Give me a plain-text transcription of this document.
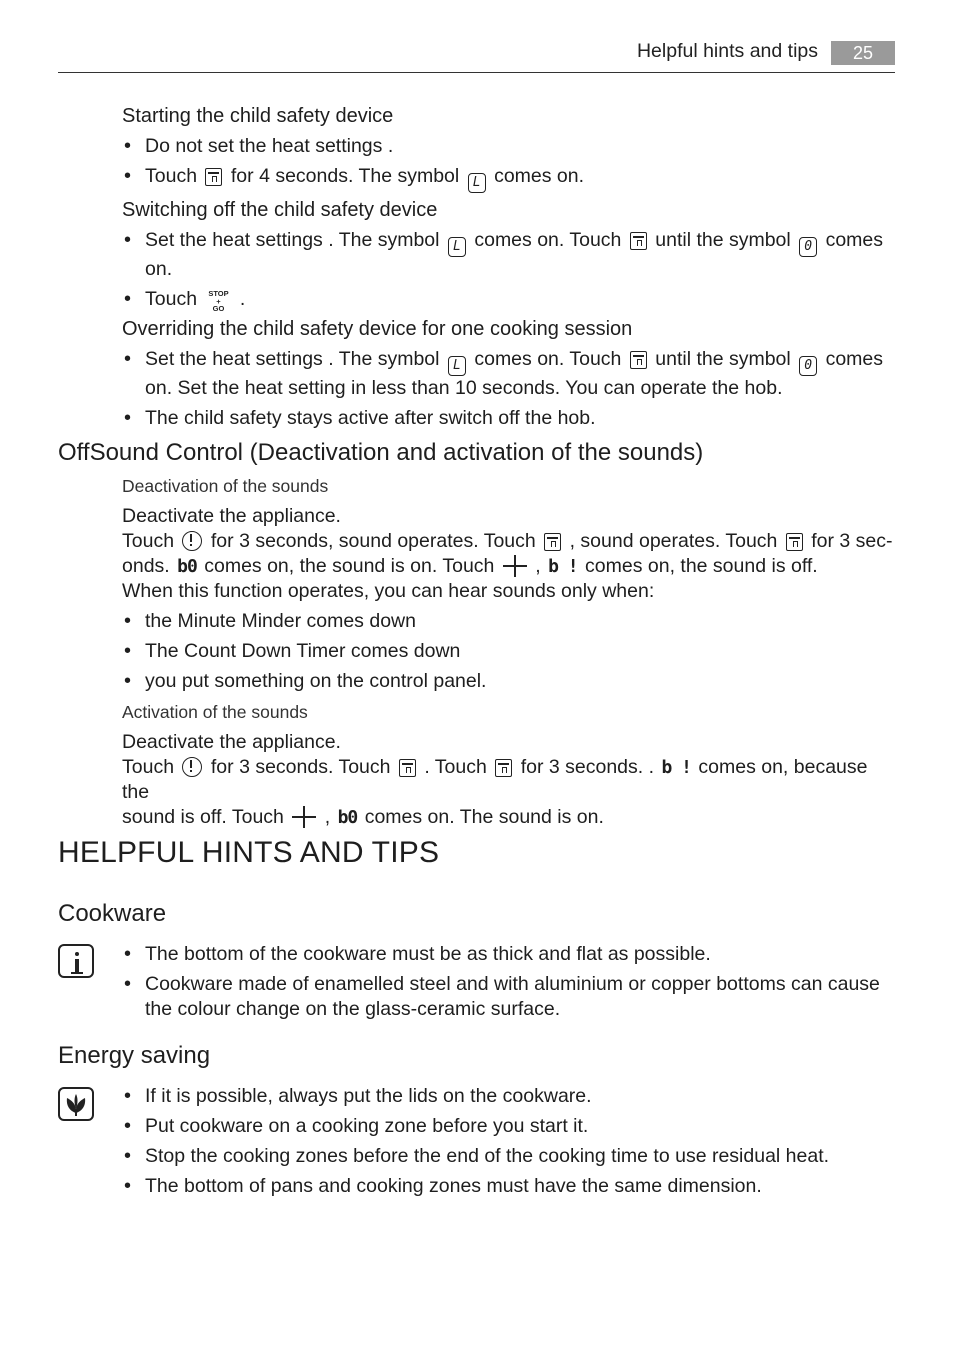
Helpful hints and tips	25
Starting the child safety device
• Do not set the heat settings .
• Touch for 4 seconds. The symbol L comes on.
Switching off the child safety device
• Set the heat settings . The symbol L comes on. Touch until the symbol 0 comes on.
• Touch STOP
+
GO .
Overriding the child safety device for one cooking session
• Set the heat settings . The symbol L comes on. Touch until the symbol 0 comes on. Set the heat setting in less than 10 seconds. You can operate the hob.
• The child safety stays active after switch off the hob.
OffSound Control (Deactivation and activation of the sounds)
Deactivation of the sounds
Deactivate the appliance.
Touch for 3 seconds, sound operates. Touch , sound operates. Touch for 3 sec-
onds. b0 comes on, the sound is on. Touch , b ! comes on, the sound is off.
When this function operates, you can hear sounds only when:
• the Minute Minder comes down
• The Count Down Timer comes down
• you put something on the control panel.
Activation of the sounds
Deactivate the appliance.
Touch for 3 seconds. Touch . Touch for 3 seconds. . b ! comes on, because the
sound is off. Touch , b0 comes on. The sound is on.
HELPFUL HINTS AND TIPS
Cookware
• The bottom of the cookware must be as thick and flat as possible.
• Cookware made of enamelled steel and with aluminium or copper bottoms can cause the colour change on the glass-ceramic surface.
Energy saving
• If it is possible, always put the lids on the cookware.
• Put cookware on a cooking zone before you start it.
• Stop the cooking zones before the end of the cooking time to use residual heat.
• The bottom of pans and cooking zones must have the same dimension.
